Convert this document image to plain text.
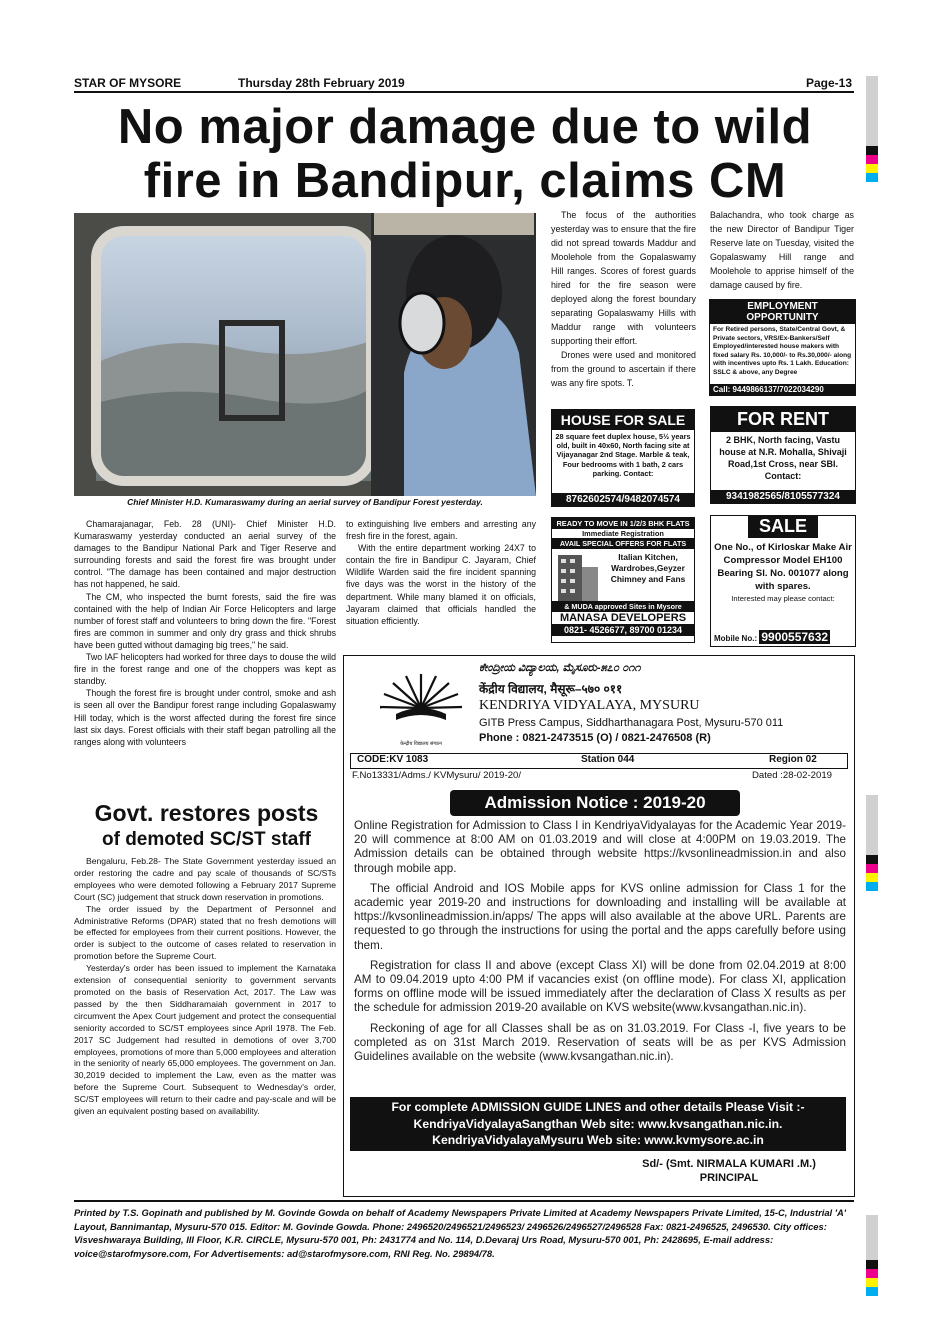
STAR OF MYSORE	Thursday 28th February 2019	Page-13
No major damage due to wild
fire in Bandipur, claims CM
Chief Minister H.D. Kumaraswamy during an aerial survey of Bandipur Forest yesterday.

Chamarajanagar, Feb. 28 (UNI)- Chief Minister H.D. Kumaraswamy yesterday conducted an aerial survey of the damages to the Bandipur National Park and Tiger Reserve and surrounding forests and said the forest fire was brought under control. "The damage has been contained and major destruction has not happened, he said.

The CM, who inspected the burnt forests, said the fire was contained with the help of Indian Air Force Helicopters and large number of forest staff and volunteers to bring down the fire. "Forest fires are common in summer and only dry grass and thick shrubs have been gutted without damaging big trees," he said.

Two IAF helicopters had worked for three days to douse the wild fire in the forest range and one of the choppers was kept as standby.

Though the forest fire is brought under control, smoke and ash is seen all over the Bandipur forest range including Gopalaswamy Hill today, which is the worst affected during the forest fire since last six days. Forest officials with their staff began patrolling all the ranges along with volunteers

to extinguishing live embers and arresting any fresh fire in the forest, again.

With the entire department working 24X7 to contain the fire in Bandipur C. Jayaram, Chief Wildlife Warden said the fire incident spanning five days was the worst in the history of the department. While many blamed it on officials, Jayaram claimed that officials handled the situation efficiently.

The focus of the authorities yesterday was to ensure that the fire did not spread towards Maddur and Moolehole from the Gopalaswamy Hill ranges. Scores of forest guards hired for the fire season were deployed along the forest boundary separating Gopalaswamy Hills with Maddur range with volunteers supporting their effort.

Drones were used and monitored from the ground to ascertain if there was any fire spots. T.

Balachandra, who took charge as the new Director of Bandipur Tiger Reserve late on Tuesday, visited the Gopalaswamy Hill range and Moolehole to apprise himself of the damage caused by fire.

Govt. restores posts
of demoted SC/ST staff

Bengaluru, Feb.28- The State Government yesterday issued an order restoring the cadre and pay scale of thousands of SC/STs employees who were demoted following a February 2017 Supreme Court (SC) judgement that struck down reservation in promotions.

The order issued by the Department of Personnel and Administrative Reforms (DPAR) stated that no fresh demotions will be effected for employees from their current positions. However, the order is subject to the outcome of cases related to reservation in promotion before the Supreme Court.

Yesterday's order has been issued to implement the Karnataka extension of consequential seniority to government servants promoted on the basis of Reservation Act, 2017. The Law was passed by the then Siddharamaiah government in 2017 to circumvent the Apex Court judgement and protect the consequential seniority accorded to SC/ST employees since April 1978. The Feb. 2017 SC Judgement had resulted in demotions of over 3,700 employees, promotions of more than 5,000 employees and alteration in the seniority of nearly 65,000 employees. The government on Jan. 30,2019 decided to implement the Law, even as the matter was before the Supreme Court. Subsequent to Wednesday's order, SC/ST employees will return to their cadre and pay-scale and will be given an equivalent posting based on availability.

EMPLOYMENT OPPORTUNITY
For Retired persons, State/Central Govt, & Private sectors, VRS/Ex-Bankers/Self Employed/interested house makers with fixed salary Rs. 10,000/- to Rs.30,000/- along with incentives upto Rs. 1 Lakh. Education: SSLC & above, any Degree
Call: 9449866137/7022034290
HOUSE FOR SALE
28 square feet duplex house, 5½ years old, built in 40x60, North facing site at Vijayanagar 2nd Stage. Marble & teak, Four bedrooms with 1 bath, 2 cars parking. Contact:
8762602574/9482074574
FOR RENT
2 BHK, North facing, Vastu house at N.R. Mohalla, Shivaji Road,1st Cross, near SBI. Contact:
9341982565/8105577324
READY TO MOVE IN 1/2/3 BHK FLATS
Immediate Registration
AVAIL SPECIAL OFFERS FOR FLATS
Italian Kitchen, Wardrobes,Geyzer Chimney and Fans
& MUDA approved Sites in Mysore
MANASA DEVELOPERS
0821- 4526677, 89700 01234
SALE
One No., of Kirloskar Make Air Compressor Model EH100 Bearing Sl. No. 001077 along with spares.
Interested may please contact:
Mobile No.: 9900557632
केन्द्रीय विद्यालय संगठन
ಕೇಂದ್ರೀಯ ವಿದ್ಯಾಲಯ, ಮೈಸೂರು-೫೭೦ ೦೧೧
केंद्रीय विद्यालय, मैसूरू–५७० ०११
KENDRIYA VIDYALAYA, MYSURU
GITB Press Campus, Siddharthanagara Post, Mysuru-570 011
Phone : 0821-2473515 (O) / 0821-2476508 (R)
CODE:KV 1083	Station 044	Region 02
F.No13331/Adms./ KVMysuru/ 2019-20/	Dated :28-02-2019
Admission Notice : 2019-20

Online Registration for Admission to Class I in KendriyaVidyalayas for the Academic Year 2019-20 will commence at 8:00 AM on 01.03.2019 and will close at 4:00PM on 19.03.2019. The Admission details can be obtained through website https://kvsonlineadmission.in and also through mobile app.

The official Android and IOS Mobile apps for KVS online admission for Class 1 for the academic year 2019-20 and instructions for downloading and installing will be available at https://kvsonlineadmission.in/apps/ The apps will also available at the above URL. Parents are requested to go through the instructions for using the portal and the apps carefully before using them.

Registration for class II and above (except Class XI) will be done from 02.04.2019 at 8:00 AM to 09.04.2019 upto 4:00 PM if vacancies exist (on offline mode). For class XI, application forms on offline mode will be issued immediately after the declaration of Class X results as per the schedule for admission 2019-20 available on KVS website(www.kvsangathan.nic.in).

Reckoning of age for all Classes shall be as on 31.03.2019. For Class -I, five years to be completed as on 31st March 2019. Reservation of seats will be as per KVS Admission Guidelines available on the website (www.kvsangathan.nic.in).

For complete ADMISSION GUIDE LINES and other details Please Visit :-
KendriyaVidyalayaSangthan Web site: www.kvsangathan.nic.in.
KendriyaVidyalayaMysuru Web site: www.kvmysore.ac.in
Sd/- (Smt. NIRMALA KUMARI .M.)
PRINCIPAL
Printed by T.S. Gopinath and published by M. Govinde Gowda on behalf of Academy Newspapers Private Limited at Academy Newspapers Private Limited, 15-C, Industrial 'A' Layout, Bannimantap, Mysuru-570 015. Editor: M. Govinde Gowda. Phone: 2496520/2496521/2496523/ 2496526/2496527/2496528 Fax: 0821-2496525, 2496530. City offices: Visveshwaraya Building, III Floor, K.R. CIRCLE, Mysuru-570 001, Ph: 2431774 and No. 114, D.Devaraj Urs Road, Mysuru-570 001, Ph: 2428695, E-mail address: voice@starofmysore.com, For Advertisements: ad@starofmysore.com, RNI Reg. No. 29894/78.
